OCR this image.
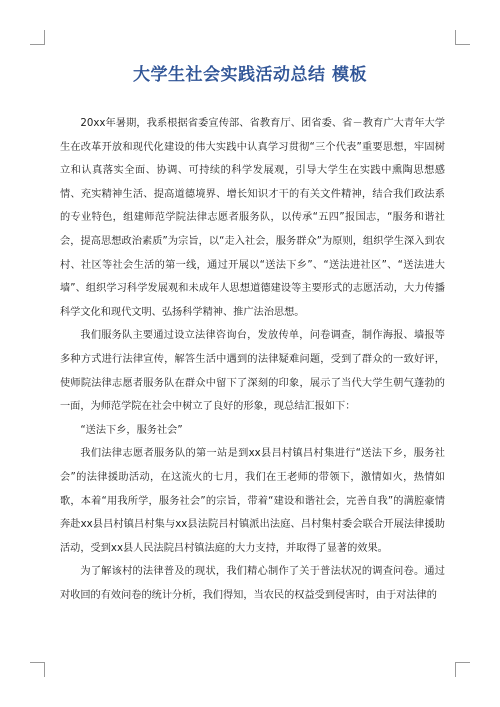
大学生社会实践活动总结 模板

20xx年暑期，我系根据省委宣传部、省教育厅、团省委、省－教育广大青年大学生在改革开放和现代化建设的伟大实践中认真学习贯彻“三个代表”重要思想，牢固树立和认真落实全面、协调、可持续的科学发展观，引导大学生在实践中熏陶思想感情、充实精神生活、提高道德境界、增长知识才干的有关文件精神，结合我们政法系的专业特色，组建师范学院法律志愿者服务队，以传承“五四”报国志，“服务和谐社会，提高思想政治素质”为宗旨，以“走入社会，服务群众”为原则，组织学生深入到农村、社区等社会生活的第一线，通过开展以“送法下乡”、“送法进社区”、“送法进大墙”、组织学习科学发展观和未成年人思想道德建设等主要形式的志愿活动，大力传播科学文化和现代文明、弘扬科学精神、推广法治思想。

我们服务队主要通过设立法律咨询台，发放传单，问卷调查，制作海报、墙报等多种方式进行法律宣传，解答生活中遇到的法律疑难问题，受到了群众的一致好评，使师院法律志愿者服务队在群众中留下了深刻的印象，展示了当代大学生朝气蓬勃的一面，为师范学院在社会中树立了良好的形象，现总结汇报如下：

“送法下乡，服务社会”

我们法律志愿者服务队的第一站是到xx县吕村镇吕村集进行“送法下乡，服务社会”的法律援助活动，在这流火的七月，我们在王老师的带领下，激情如火，热情如歌，本着“用我所学，服务社会”的宗旨，带着“建设和谐社会，完善自我”的满腔豪情奔赴xx县吕村镇吕村集与xx县法院吕村镇派出法庭、吕村集村委会联合开展法律援助活动，受到xx县人民法院吕村镇法庭的大力支持，并取得了显著的效果。

为了解该村的法律普及的现状，我们精心制作了关于普法状况的调查问卷。通过对收回的有效问卷的统计分析，我们得知，当农民的权益受到侵害时，由于对法律的
